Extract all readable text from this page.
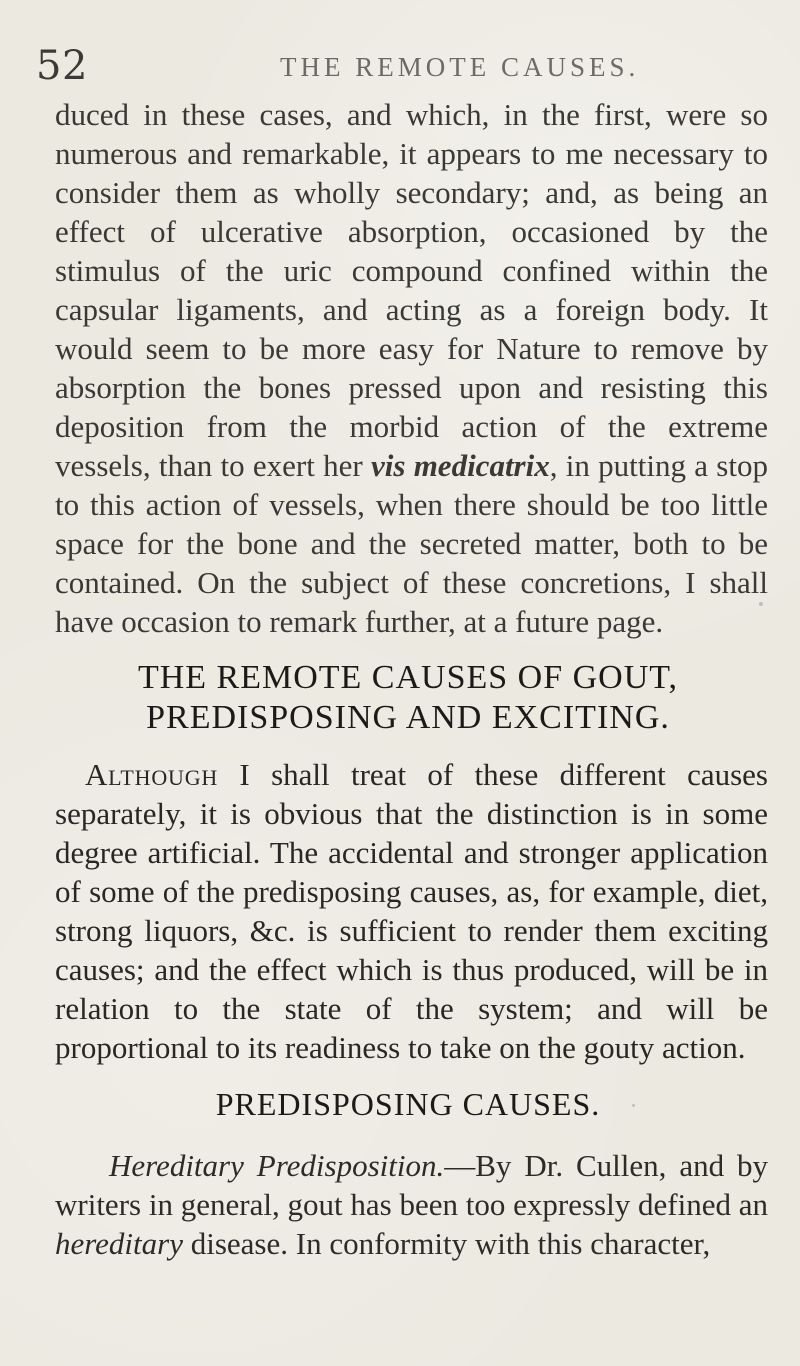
52	THE REMOTE CAUSES.
duced in these cases, and which, in the first, were so numerous and remarkable, it appears to me necessary to consider them as wholly secondary; and, as being an effect of ulcerative absorption, occasioned by the stimulus of the uric compound confined within the capsular ligaments, and acting as a foreign body. It would seem to be more easy for Nature to remove by absorption the bones pressed upon and resisting this deposition from the morbid action of the extreme vessels, than to exert her vis medicatrix, in putting a stop to this action of vessels, when there should be too little space for the bone and the secreted matter, both to be contained. On the subject of these concretions, I shall have occasion to remark further, at a future page.
THE REMOTE CAUSES OF GOUT, PREDISPOSING AND EXCITING.
Although I shall treat of these different causes separately, it is obvious that the distinction is in some degree artificial. The accidental and stronger application of some of the predisposing causes, as, for example, diet, strong liquors, &c. is sufficient to render them exciting causes; and the effect which is thus produced, will be in relation to the state of the system; and will be proportional to its readiness to take on the gouty action.
PREDISPOSING CAUSES.
Hereditary Predisposition.—By Dr. Cullen, and by writers in general, gout has been too expressly defined an hereditary disease. In conformity with this character,
